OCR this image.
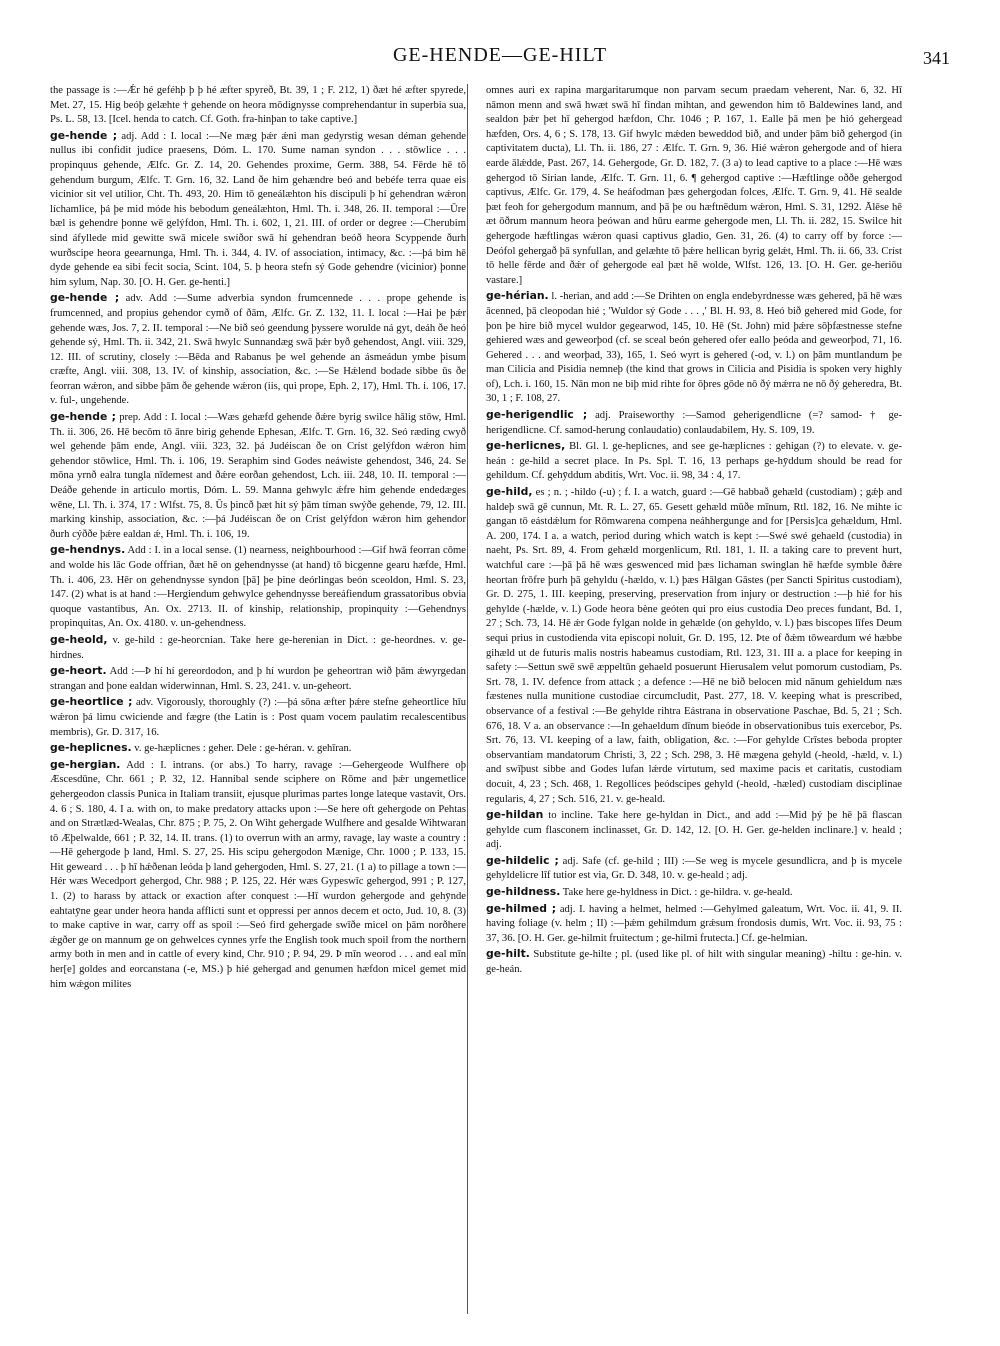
GE-HENDE—GE-HILT	341

the passage is :—Ǽr hé geféhþ þ þ hé æfter spyreð, Bt. 39, 1 ; F. 212, 1) ðæt hé æfter spyrede, Met. 27, 15. Hig beóþ gelæhte † gehende on heora mōdignysse comprehendantur in superbia sua, Ps. L. 58, 13. [Icel. henda to catch. Cf. Goth. fra-hinþan to take captive.]

ge-hende ; adj. Add : I. local :—Ne mæg þǽr ǽni man gedyrstig wesan déman gehende nullus ibi confidit judice praesens, Dóm. L. 170. Sume naman syndon . . . stōwlice . . . propinquus gehende, Ælfc. Gr. Z. 14, 20. Gehendes proxime, Germ. 388, 54. Fērde hē tō gehendum burgum, Ælfc. T. Grn. 16, 32. Land ðe him gehændre beó and bebéfe terra quae eis vicinior sit vel utilior, Cht. Th. 493, 20. Him tō geneálæhton his discipuli þ hí gehendran wǽron líchamlice, þá þe mid móde his bebodum geneálæhton, Hml. Th. i. 348, 26. II. temporal :—Ūre bæl is gehendre þonne wē gelýfdon, Hml. Th. i. 602, 1, 21. III. of order or degree :—Cherubim sind áfyllede mid gewitte swā micele swíðor swā hí gehendran beóð heora Scyppende ðurh wurðscipe heora geearnunga, Hml. Th. i. 344, 4. IV. of association, intimacy, &c. :—þá bim hē dyde gehende ea sibi fecit socia, Scint. 104, 5. þ heora stefn sý Gode gehendre (vicinior) þonne him sylum, Nap. 30. [O. H. Ger. ge-henti.]

ge-hende ; adv. Add :—Sume adverbia syndon frumcennede . . . prope gehende is frumcenned, and propius gehendor cymð of ðām, Ælfc. Gr. Z. 132, 11. I. local :—Hai þe þǽr gehende wæs, Jos. 7, 2. II. temporal :—Ne bið seó geendung þyssere worulde ná gyt, deáh ðe heó gehende sý, Hml. Th. ii. 342, 21. Swā hwylc Sunnandæg swā þǽr byð gehendost, Angl. viii. 329, 12. III. of scrutiny, closely :—Bēda and Rabanus þe wel gehende an ásmeádun ymbe þisum cræfte, Angl. viii. 308, 13. IV. of kinship, association, &c. :—Se Hǽlend bodade sibbe ūs ðe feorran wǽron, and sibbe þām ðe gehende wǽron (iis, qui prope, Eph. 2, 17), Hml. Th. i. 106, 17. v. ful-, ungehende.

ge-hende ; prep. Add : I. local :—Wæs gehæfd gehende ðǽre byrig swilce hālig stōw, Hml. Th. ii. 306, 26. Hē becōm tō ānre birig gehende Ephesan, Ælfc. T. Grn. 16, 32. Seó ræding cwyð wel gehende þām ende, Angl. viii. 323, 32. þá Judéiscan ðe on Críst gelýfdon wǽron him gehendor stōwlice, Hml. Th. i. 106, 19. Seraphim sind Godes neáwiste gehendost, 346, 24. Se mōna yrnð ealra tungla nīdemest and ðǽre eorðan gehendost, Lch. iii. 248, 10. II. temporal :—Deáðe gehende in articulo mortis, Dóm. L. 59. Manna gehwylc ǽfre him gehende endedæges wēne, Ll. Th. i. 374, 17 : Wlfst. 75, 8. Ūs þincð þæt hit sý þām tíman swýðe gehende, 79, 12. III. marking kinship, association, &c. :—þá Judéiscan ðe on Críst gelýfdon wǽron him gehendor ðurh cýððe þǽre ealdan ǽ, Hml. Th. i. 106, 19.

ge-hendnys. Add : I. in a local sense. (1) nearness, neighbourhood :—Gif hwā feorran cōme and wolde his lāc Gode offrian, ðæt hē on gehendnysse (at hand) tō bicgenne gearu hæfde, Hml. Th. i. 406, 23. Hēr on gehendnysse syndon [þā] þe þine deórlingas beón sceoldon, Hml. S. 23, 147. (2) what is at hand :—Hergiendum gehwylce gehendnysse bereáfiendum grassatoribus obvia quoque vastantibus, An. Ox. 2713. II. of kinship, relationship, propinquity :—Gehendnys propinquitas, An. Ox. 4180. v. un-gehendness.

ge-heold, v. ge-hild : ge-heorcnian. Take here ge-herenian in Dict. : ge-heordnes. v. ge-hirdnes.

ge-heort. Add :—Þ hí hí gereordodon, and þ hí wurdon þe geheortran wið þām ǽwyrgedan strangan and þone ealdan widerwinnan, Hml. S. 23, 241. v. un-geheort.

ge-heortlice ; adv. Vigorously, thoroughly (?) :—þá sōna æfter þǽre stefne geheortlice hīu wǽron þá limu cwiciende and fægre (the Latin is : Post quam vocem paulatim recalescentibus membris), Gr. D. 317, 16.

ge-heplicnes. v. ge-hæplicnes : geher. Dele : ge-héran. v. gehīran.

ge-hergian. Add : I. intrans. (or abs.) To harry, ravage :—Gehergeode Wulfhere oþ Æscesdūne, Chr. 661 ; P. 32, 12. Hannibal sende sciphere on Rōme and þǽr ungemetlice gehergeodon classis Punica in Italiam transiit, ejusque plurimas partes longe lateque vastavit, Ors. 4. 6 ; S. 180, 4. I a. with on, to make predatory attacks upon :—Se here oft gehergode on Pehtas and on Strætlæd-Wealas, Chr. 875 ; P. 75, 2. On Wiht gehergade Wulfhere and gesalde Wihtwaran tō Æþelwalde, 661 ; P. 32, 14. II. trans. (1) to overrun with an army, ravage, lay waste a country :—Hē gehergode þ land, Hml. S. 27, 25. His scipu gehergodon Mænige, Chr. 1000 ; P. 133, 15. Hit geweard . . . þ hī hǽðenan leóda þ land gehergoden, Hml. S. 27, 21. (1 a) to pillage a town :—Hér wæs Wecedport gehergod, Chr. 988 ; P. 125, 22. Hér wæs Gypeswīc gehergod, 991 ; P. 127, 1. (2) to harass by attack or exaction after conquest :—Hī wurdon gehergode and gehȳnde eahtatȳne gear under heora handa afflicti sunt et oppressi per annos decem et octo, Jud. 10, 8. (3) to make captive in war, carry off as spoil :—Seó fird gehergade swīðe micel on þām norðhere ǽgðer ge on mannum ge on gehwelces cynnes yrfe the English took much spoil from the northern army both in men and in cattle of every kind, Chr. 910 ; P. 94, 29. Þ mīn weorod . . . and eal mīn her[e] goldes and eorcanstana (-e, MS.) þ hié gehergad and genumen hæfdon micel gemet mid him wǽgon milites

omnes auri ex rapina margaritarumque non parvam secum praedam veherent, Nar. 6, 32. Hī nāmon menn and swā hwæt swā hī findan mihtan, and gewendon him tō Baldewines land, and sealdon þǽr þet hī gehergod hæfdon, Chr. 1046 ; P. 167, 1. Ealle þā men þe hió gehergead hæfden, Ors. 4, 6 ; S. 178, 13. Gif hwylc mǽden beweddod bið, and under þām bið gehergod (in captivitatem ducta), Ll. Th. ii. 186, 27 : Ælfc. T. Grn. 9, 36. Hié wǽron gehergode and of hiera earde ālǽdde, Past. 267, 14. Gehergode, Gr. D. 182, 7. (3 a) to lead captive to a place :—Hē wæs gehergod tō Sirian lande, Ælfc. T. Grn. 11, 6. ¶ gehergod captive :—Hæftlinge oððe gehergod captivus, Ælfc. Gr. 179, 4. Se heáfodman þæs gehergodan folces, Ælfc. T. Grn. 9, 41. Hē sealde þæt feoh for gehergodum mannum, and þā þe ou hæftnēdum wǽron, Hml. S. 31, 1292. Ālēse hē æt ōðrum mannum heora þeówan and hūru earme gehergode men, Ll. Th. ii. 282, 15. Swilce hit gehergode hæftlingas wǽron quasi captivus gladio, Gen. 31, 26. (4) to carry off by force :—Deófol gehergað þā synfullan, and gelæhte tō þǽre hellican byrig gelǽt, Hml. Th. ii. 66, 33. Críst tō helle fērde and ðǽr of gehergode eal þæt hē wolde, Wlfst. 126, 13. [O. H. Ger. ge-heriōu vastare.]

ge-hérian. l. -herian, and add :—Se Drihten on engla endebyrdnesse wæs gehered, þā hē wæs ācenned, þā cleopodan hié ; 'Wuldor sý Gode . . . ,' Bl. H. 93, 8. Heó bið gehered mid Gode, for þon þe hire bið mycel wuldor gegearwod, 145, 10. Hē (St. John) mid þǽre sōþfæstnesse stefne gehiered wæs and geweorþod (cf. se sceal beón gehered ofer eallo þeóda and geweorþod, 71, 16. Gehered . . . and weorþad, 33), 165, 1. Seó wyrt is gehered (-od, v. l.) on þām muntlandum þe man Cilicia and Pisidia nemneþ (the kind that grows in Cilicia and Pisidia is spoken very highly of), Lch. i. 160, 15. Nān mon ne biþ mid rihte for ōþres gōde nō ðý mǽrra ne nō ðý geheredra, Bt. 30, 1 ; F. 108, 27.

ge-herigendlic ; adj. Praiseworthy :—Samod geherigendlicne (=? samod- † ge-herigendlicne. Cf. samod-herung conlaudatio) conlaudabilem, Hy. S. 109, 19.

ge-herlicnes, Bl. Gl. l. ge-heplicnes, and see ge-hæplicnes : gehigan (?) to elevate. v. ge-heán : ge-hild a secret place. In Ps. Spl. T. 16, 13 perhaps ge-hȳddum should be read for gehildum. Cf. gehȳddum abditis, Wrt. Voc. ii. 98, 34 : 4, 17.

ge-hild, es ; n. ; -hildo (-u) ; f. I. a watch, guard :—Gē habbað gehæld (custodiam) ; gǽþ and haldeþ swā gē cunnun, Mt. R. L. 27, 65. Gesett gehæld mūðe mīnum, Rtl. 182, 16. Ne mihte ic gangan tō eástdǽlum for Rōmwarena compena neáhhergunge and for [Persis]ca gehældum, Hml. A. 200, 174. I a. a watch, period during which watch is kept :—Swé swé gehaeld (custodia) in naeht, Ps. Srt. 89, 4. From gehæld morgenlicum, Rtl. 181, 1. II. a taking care to prevent hurt, watchful care :—þā þā hē wæs geswenced mid þæs lichaman swinglan hē hæfde symble ðǽre heortan frōfre þurh þā gehyldu (-hældo, v. l.) þæs Hālgan Gāstes (per Sancti Spiritus custodiam), Gr. D. 275, 1. III. keeping, preserving, preservation from injury or destruction :—þ hié for his gehylde (-hælde, v. l.) Gode heora bène geóten qui pro eius custodia Deo preces fundant, Bd. 1, 27 ; Sch. 73, 14. Hē ǽr Gode fylgan nolde in gehælde (on gehyldo, v. l.) þæs biscopes līfes Deum sequi prius in custodienda vita episcopi noluit, Gr. D. 195, 12. Þte of ðǽm tōweardum wé hæbbe gihæld ut de futuris malis nostris habeamus custodiam, Rtl. 123, 31. III a. a place for keeping in safety :—Settun swē swē æppeltūn gehaeld posuerunt Hierusalem velut pomorum custodiam, Ps. Srt. 78, 1. IV. defence from attack ; a defence :—Hē ne bið belocen mid nānum gehieldum næs fæstenes nulla munitione custodiae circumcludit, Past. 277, 18. V. keeping what is prescribed, observance of a festival :—Be gehylde rihtra Eástrana in observatione Paschae, Bd. 5, 21 ; Sch. 676, 18. V a. an observance :—In gehaeldum dīnum bieóde in observationibus tuis exercebor, Ps. Srt. 76, 13. VI. keeping of a law, faith, obligation, &c. :—For gehylde Crīstes beboda propter observantiam mandatorum Christi, 3, 22 ; Sch. 298, 3. Hē mægena gehyld (-heold, -hæld, v. l.) and swīþust sibbe and Godes lufan lǽrde virtutum, sed maxime pacis et caritatis, custodiam docuit, 4, 23 ; Sch. 468, 1. Regollices þeódscipes gehyld (-heold, -hæled) custodiam disciplinae regularis, 4, 27 ; Sch. 516, 21. v. ge-heald.

ge-hildan to incline. Take here ge-hyldan in Dict., and add :—Mid þý þe hē þā flascan gehylde cum flasconem inclinasset, Gr. D. 142, 12. [O. H. Ger. ge-helden inclinare.] v. heald ; adj.

ge-hildelic ; adj. Safe (cf. ge-hild ; III) :—Se weg is mycele gesundlicra, and þ is mycele gehyldelicre līf tutior est via, Gr. D. 348, 10. v. ge-heald ; adj.

ge-hildness. Take here ge-hyldness in Dict. : ge-hildra. v. ge-heald.

ge-hilmed ; adj. I. having a helmet, helmed :—Gehylmed galeatum, Wrt. Voc. ii. 41, 9. II. having foliage (v. helm ; II) :—þǽm gehilmdum grǽsum frondosis dumis, Wrt. Voc. ii. 93, 75 : 37, 36. [O. H. Ger. ge-hilmit fruitectum ; ge-hilmi frutecta.] Cf. ge-helmian.

ge-hilt. Substitute ge-hilte ; pl. (used like pl. of hilt with singular meaning) -hiltu : ge-hin. v. ge-heán.
